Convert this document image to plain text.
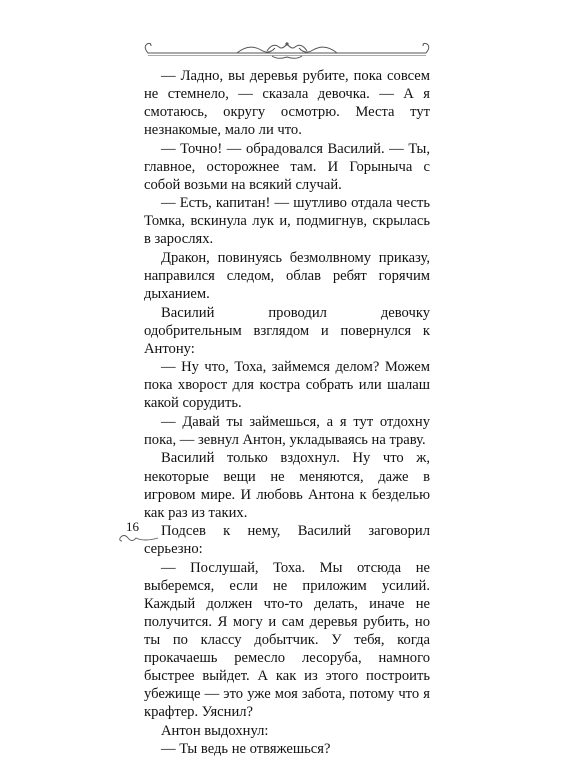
— Ладно, вы деревья рубите, пока совсем не стемнело, — сказала девочка. — А я смотаюсь, округу осмотрю. Места тут незнакомые, мало ли что.

— Точно! — обрадовался Василий. — Ты, главное, осторожнее там. И Горыныча с собой возьми на всякий случай.

— Есть, капитан! — шутливо отдала честь Томка, вскинула лук и, подмигнув, скрылась в зарослях.

Дракон, повинуясь безмолвному приказу, направился следом, облав ребят горячим дыханием.

Василий проводил девочку одобрительным взглядом и повернулся к Антону:

— Ну что, Тоха, займемся делом? Можем пока хворост для костра собрать или шалаш какой сорудить.

— Давай ты займешься, а я тут отдохну пока, — зевнул Антон, укладываясь на траву.

Василий только вздохнул. Ну что ж, некоторые вещи не меняются, даже в игровом мире. И любовь Антона к безделью как раз из таких.

Подсев к нему, Василий заговорил серьезно:

— Послушай, Тоха. Мы отсюда не выберемся, если не приложим усилий. Каждый должен что-то делать, иначе не получится. Я могу и сам деревья рубить, но ты по классу добытчик. У тебя, когда прокачаешь ремесло лесоруба, намного быстрее выйдет. А как из этого построить убежище — это уже моя забота, потому что я крафтер. Уяснил?

Антон выдохнул:

— Ты ведь не отвяжешься?

16
